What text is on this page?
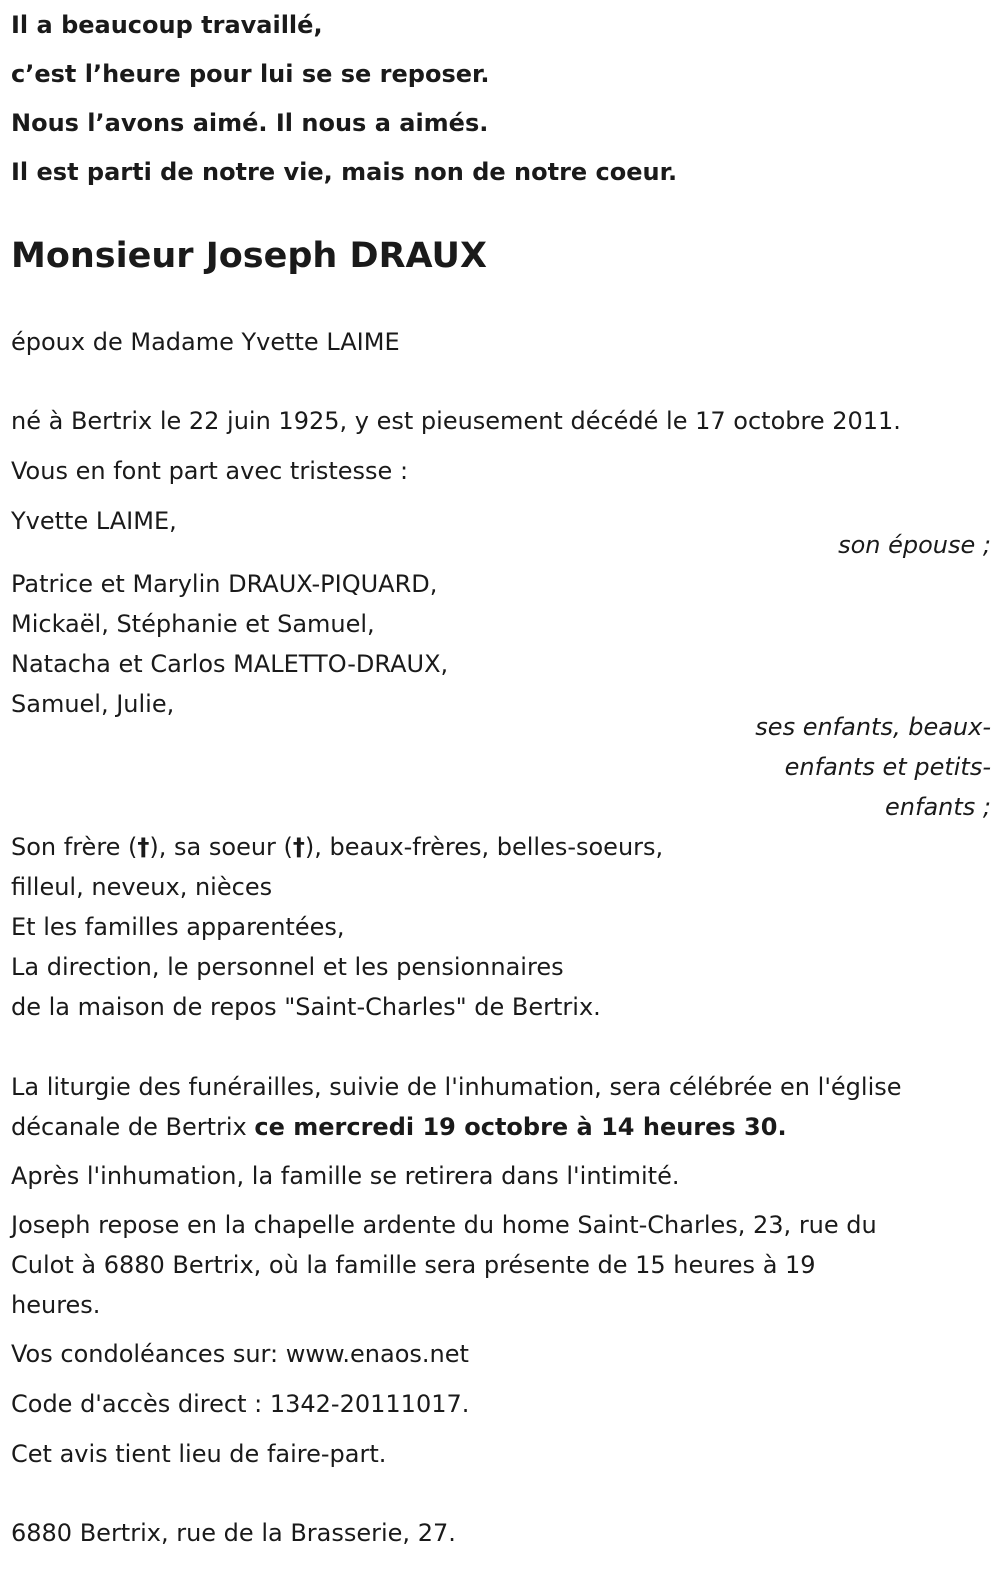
Il a beaucoup travaillé,
c’est l’heure pour lui se se reposer.
Nous l’avons aimé. Il nous a aimés.
Il est parti de notre vie, mais non de notre coeur.
Monsieur Joseph DRAUX
époux de Madame Yvette LAIME
né à Bertrix le 22 juin 1925, y est pieusement décédé le 17 octobre 2011.
Vous en font part avec tristesse :
Yvette LAIME,
son épouse ;
Patrice et Marylin DRAUX-PIQUARD,
Mickaël, Stéphanie et Samuel,
Natacha et Carlos MALETTO-DRAUX,
Samuel, Julie,
ses enfants, beaux-
enfants et petits-
enfants ;
Son frère (†), sa soeur (†), beaux-frères, belles-soeurs,
filleul, neveux, nièces
Et les familles apparentées,
La direction, le personnel et les pensionnaires
de la maison de repos "Saint-Charles" de Bertrix.
La liturgie des funérailles, suivie de l'inhumation, sera célébrée en l'église
décanale de Bertrix ce mercredi 19 octobre à 14 heures 30.
Après l'inhumation, la famille se retirera dans l'intimité.
Joseph repose en la chapelle ardente du home Saint-Charles, 23, rue du
Culot à 6880 Bertrix, où la famille sera présente de 15 heures à 19
heures.
Vos condoléances sur: www.enaos.net
Code d'accès direct : 1342-20111017.
Cet avis tient lieu de faire-part.
6880 Bertrix, rue de la Brasserie, 27.
